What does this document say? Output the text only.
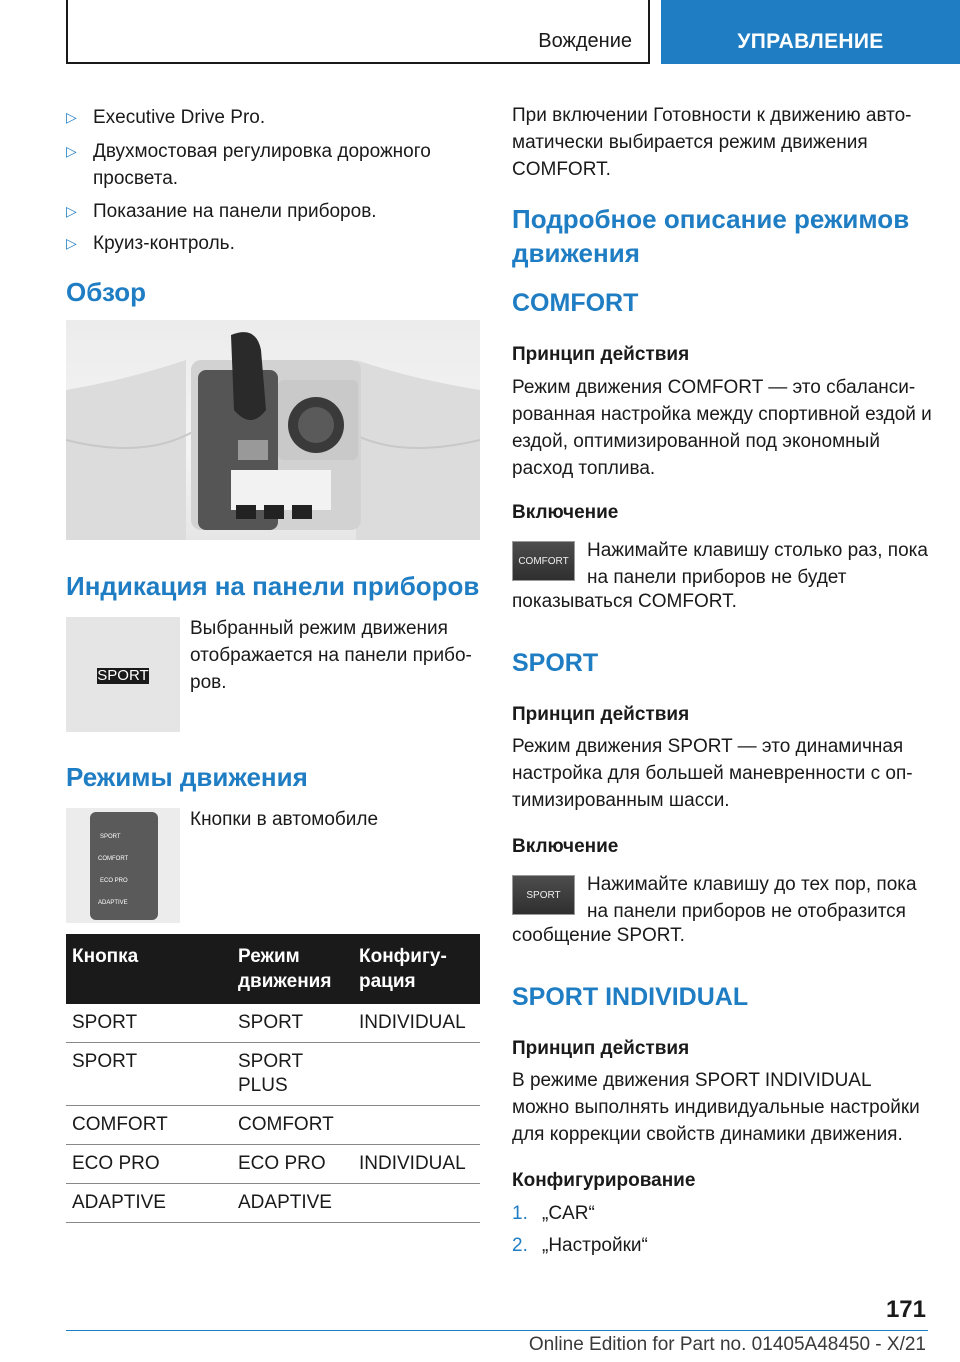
Вождение	УПРАВЛЕНИЕ
▷ Executive Drive Pro.
▷ Двухмостовая регулировка дорожного просвета.
▷ Показание на панели приборов.
▷ Круиз-контроль.
Обзор
Индикация на панели приборов
SPORT
Выбранный режим движения отображается на панели прибо-ров.
Режимы движения
SPORT
COMFORT
ECO PRO
ADAPTIVE
Кнопки в автомобиле
Кнопка	Режим движения	Конфигу-рация
SPORT	SPORT	INDIVIDUAL
SPORT	SPORT PLUS	
COMFORT	COMFORT	
ECO PRO	ECO PRO	INDIVIDUAL
ADAPTIVE	ADAPTIVE	
При включении Готовности к движению авто-матически выбирается режим движения COMFORT.
Подробное описание режимов движения
COMFORT
Принцип действия
Режим движения COMFORT — это сбаланси-рованная настройка между спортивной ездой и ездой, оптимизированной под экономный расход топлива.
Включение
COMFORT Нажимайте клавишу столько раз, пока на панели приборов не будет
показываться COMFORT.
SPORT
Принцип действия
Режим движения SPORT — это динамичная настройка для большей маневренности с оп-тимизированным шасси.
Включение
SPORT	Нажимайте клавишу до тех пор, пока на панели приборов не отобразится
сообщение SPORT.
SPORT INDIVIDUAL
Принцип действия
В режиме движения SPORT INDIVIDUAL можно выполнять индивидуальные настройки для коррекции свойств динамики движения.
Конфигурирование
1. „CAR“
2. „Настройки“
171
Online Edition for Part no. 01405A48450 - X/21
